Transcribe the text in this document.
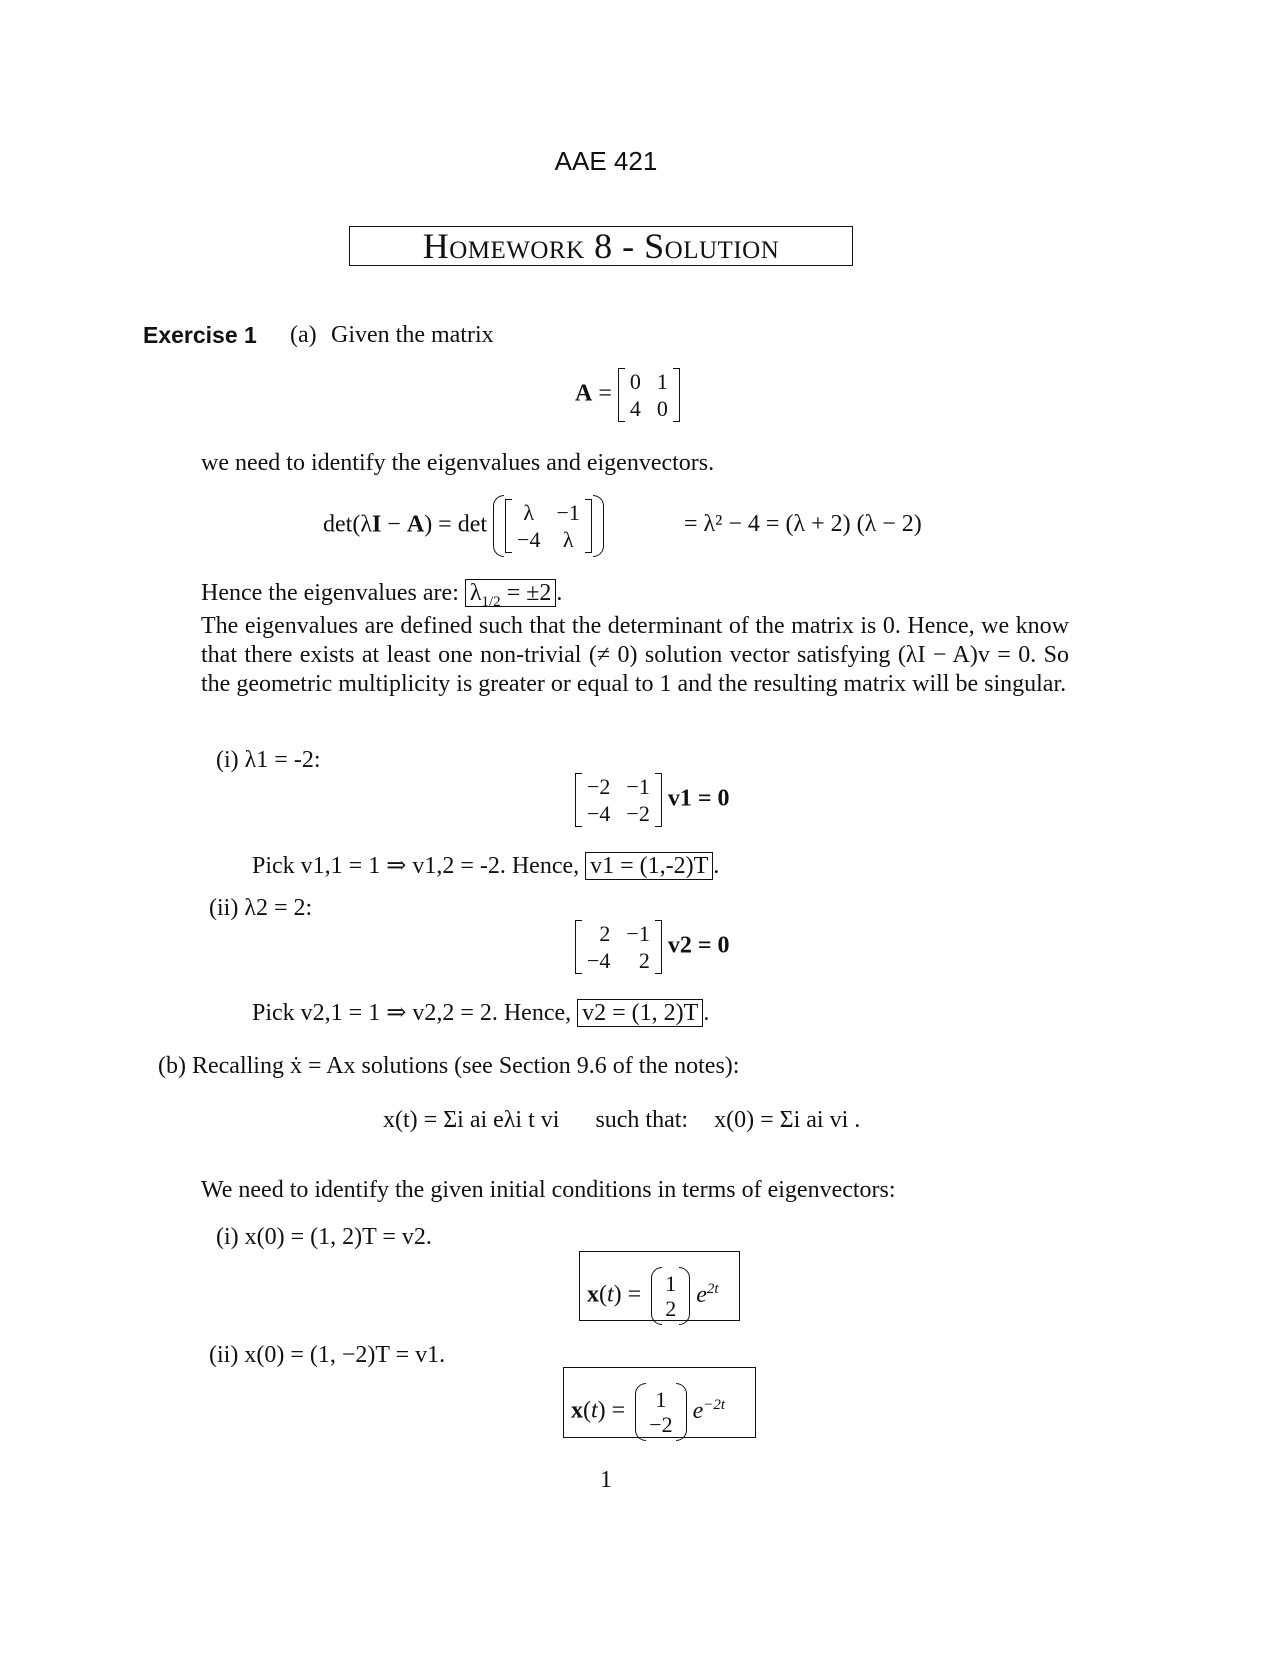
AAE 421
Homework 8 - Solution
Exercise 1 (a) Given the matrix
A = 0 1
4 0
we need to identify the eigenvalues and eigenvectors.
det(λI − A) = det λ −1
−4 λ
= λ² − 4 = (λ + 2) (λ − 2)
Hence the eigenvalues are: $\lambda_{1/2} = \pm 2$ .
The eigenvalues are defined such that the determinant of the matrix is 0. Hence, we know that there exists at least one non-trivial (≠ 0) solution vector satisfying (λI − A)v = 0. So the geometric multiplicity is greater or equal to 1 and the resulting matrix will be singular.
(i) λ1 = -2:
−2 −1
−4 −2
v1 = 0
Pick v1,1 = 1 ⇒ v1,2 = -2. Hence, v1 = (1,-2)T .
(ii) λ2 = 2:
2 −1
−4	2
v2 = 0
Pick v2,1 = 1 ⇒ v2,2 = 2. Hence, v2 = (1, 2)T .
(b) Recalling ẋ = Ax solutions (see Section 9.6 of the notes):
x(t) = Σi ai eλi t vi such that: x(0) = Σi ai vi .
We need to identify the given initial conditions in terms of eigenvectors:
(i) x(0) = (1, 2)T = v2.
x(t) = 1
2
$e^{2t}$
(ii) x(0) = (1, −2)T = v1.
x(t) = 1
−2
$e^{-2t}$
1
